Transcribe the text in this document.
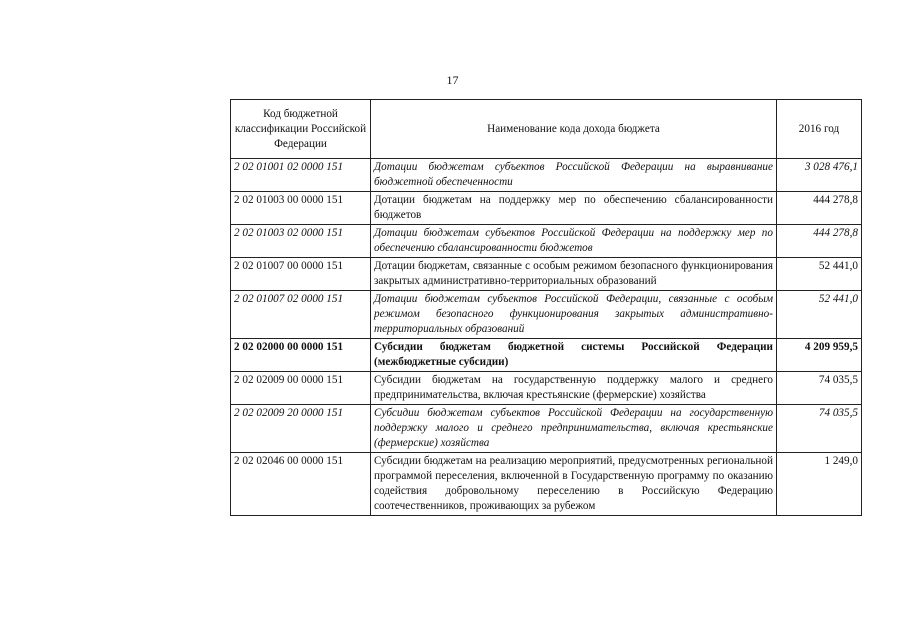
17
Код бюджетной классификации Российской Федерации	Наименование кода дохода бюджета	2016 год
2 02 01001 02 0000 151	Дотации бюджетам субъектов Российской Федерации на выравнивание бюджетной обеспеченности	3 028 476,1
2 02 01003 00 0000 151	Дотации бюджетам на поддержку мер по обеспечению сбалансированности бюджетов	444 278,8
2 02 01003 02 0000 151	Дотации бюджетам субъектов Российской Федерации на поддержку мер по обеспечению сбалансированности бюджетов	444 278,8
2 02 01007 00 0000 151	Дотации бюджетам, связанные с особым режимом безопасного функционирования закрытых административно-территориальных образований	52 441,0
2 02 01007 02 0000 151	Дотации бюджетам субъектов Российской Федерации, связанные с особым режимом безопасного функционирования закрытых административно-территориальных образований	52 441,0
2 02 02000 00 0000 151	Субсидии бюджетам бюджетной системы Российской Федерации (межбюджетные субсидии)	4 209 959,5
2 02 02009 00 0000 151	Субсидии бюджетам на государственную поддержку малого и среднего предпринимательства, включая крестьянские (фермерские) хозяйства	74 035,5
2 02 02009 20 0000 151	Субсидии бюджетам субъектов Российской Федерации на государственную поддержку малого и среднего предпринимательства, включая крестьянские (фермерские) хозяйства	74 035,5
2 02 02046 00 0000 151	Субсидии бюджетам на реализацию мероприятий, предусмотренных региональной программой переселения, включенной в Государственную программу по оказанию содействия добровольному переселению в Российскую Федерацию соотечественников, проживающих за рубежом	1 249,0
